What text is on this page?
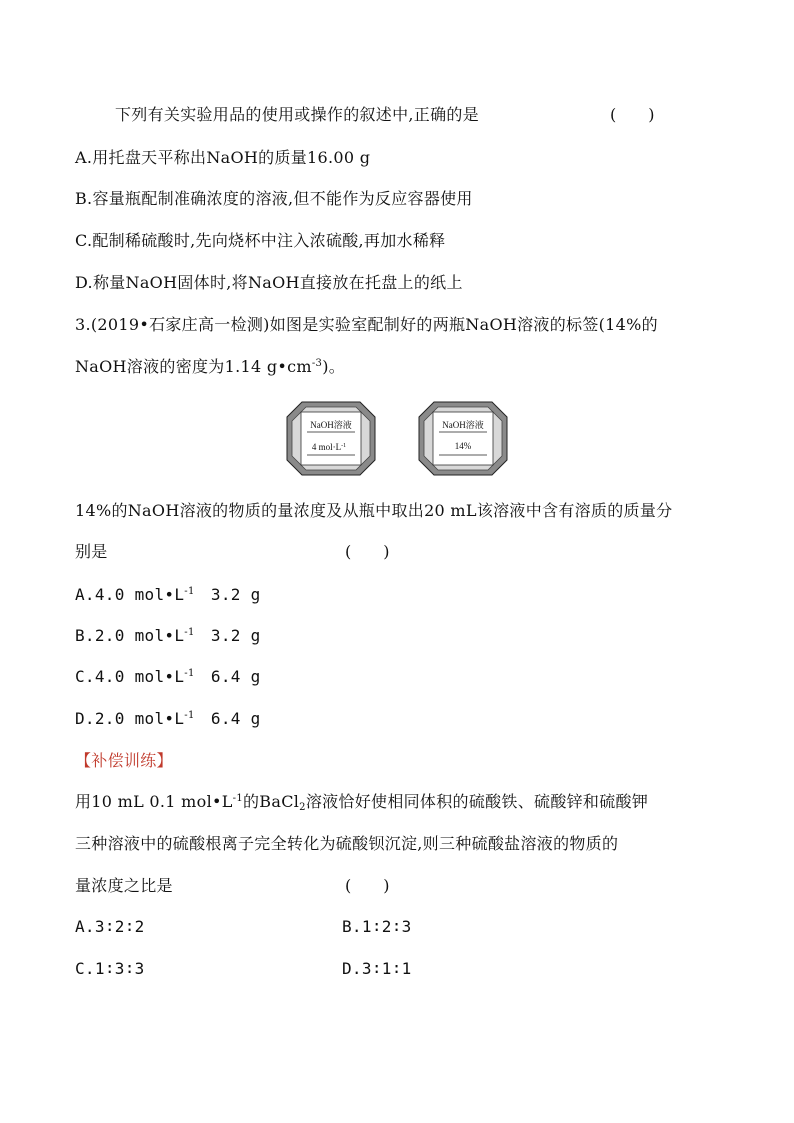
下列有关实验用品的使用或操作的叙述中,正确的是	(　　)
A.用托盘天平称出NaOH的质量16.00 g
B.容量瓶配制准确浓度的溶液,但不能作为反应容器使用
C.配制稀硫酸时,先向烧杯中注入浓硫酸,再加水稀释
D.称量NaOH固体时,将NaOH直接放在托盘上的纸上
3.(2019•石家庄高一检测)如图是实验室配制好的两瓶NaOH溶液的标签(14%的
NaOH溶液的密度为1.14 $g•cm^{-3}$)。
NaOH溶液
4 $mol\cdot L^{-1}$
NaOH溶液
14%
14%的NaOH溶液的物质的量浓度及从瓶中取出20 mL该溶液中含有溶质的质量分
别是	(　　)
A.4.0 $mol•L^{-1}$　3.2 g
B.2.0 $mol•L^{-1}$　3.2 g
C.4.0 $mol•L^{-1}$　6.4 g
D.2.0 $mol•L^{-1}$　6.4 g
【补偿训练】
用10 mL 0.1 $mol•L^{-1}$的BaCl$_2$溶液恰好使相同体积的硫酸铁、硫酸锌和硫酸钾
三种溶液中的硫酸根离子完全转化为硫酸钡沉淀,则三种硫酸盐溶液的物质的
量浓度之比是	(　　)
A.3∶2∶2	B.1∶2∶3
C.1∶3∶3	D.3∶1∶1
